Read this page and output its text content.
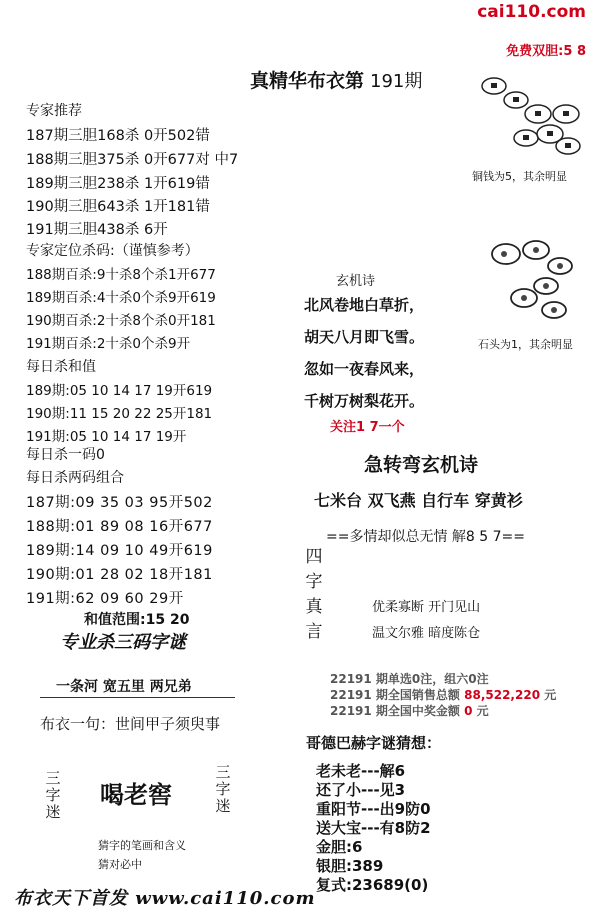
cai110.com
免费双胆:5 8
真精华布衣第 191期
专家推荐
187期三胆168杀 0开502错
188期三胆375杀 0开677对 中7
189期三胆238杀 1开619错
190期三胆643杀 1开181错
191期三胆438杀 6开
专家定位杀码:（谨慎参考）
188期百杀:9十杀8个杀1开677
189期百杀:4十杀0个杀9开619
190期百杀:2十杀8个杀0开181
191期百杀:2十杀0个杀9开
每日杀和值
189期:05 10 14 17 19开619
190期:11 15 20 22 25开181
191期:05 10 14 17 19开
每日杀一码0
每日杀两码组合
187期:09 35 03 95开502
188期:01 89 08 16开677
189期:14 09 10 49开619
190期:01 28 02 18开181
191期:62 09 60 29开
和值范围:15 20
专业杀三码字谜
一条河 宽五里 两兄弟
布衣一句：世间甲子须臾事
三字迷
喝老窖
三字迷
猜字的笔画和含义
猜对必中
布衣天下首发 www.cai110.com
铜钱为5，其余明显
石头为1，其余明显
玄机诗
北风卷地白草折，
胡天八月即飞雪。
忽如一夜春风来，
千树万树梨花开。
关注1 7一个
急转弯玄机诗
七米台 双飞燕 自行车 穿黄衫
==多情却似总无情 解8 5 7==
四字真言
优柔寡断 开门见山
温文尔雅 暗度陈仓
22191 期单选0注，组六0注
22191 期全国销售总额 88,522,220 元
22191 期全国中奖金额 0 元
哥德巴赫字谜猜想：
老未老---解6
还了小---见3
重阳节---出9防0
送大宝---有8防2
金胆:6
银胆:389
复式:23689(0)
